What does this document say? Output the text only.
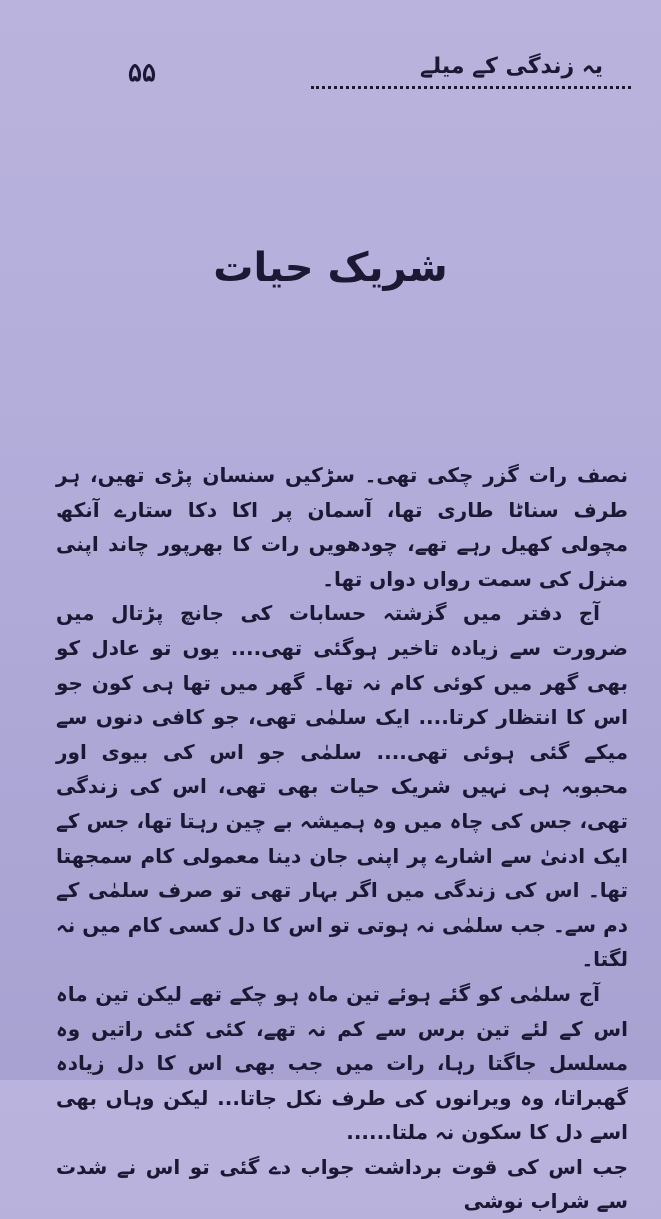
یہ زندگی کے میلے
۵۵
شریک حیات

نصف رات گزر چکی تھی۔ سڑکیں سنسان پڑی تھیں، ہر طرف سناٹا طاری تھا، آسمان پر اکا دکا ستارے آنکھ مچولی کھیل رہے تھے، چودھویں رات کا بھرپور چاند اپنی منزل کی سمت رواں دواں تھا۔

آج دفتر میں گزشتہ حسابات کی جانچ پڑتال میں ضرورت سے زیادہ تاخیر ہوگئی تھی.... یوں تو عادل کو بھی گھر میں کوئی کام نہ تھا۔ گھر میں تھا ہی کون جو اس کا انتظار کرتا.... ایک سلمٰی تھی، جو کافی دنوں سے میکے گئی ہوئی تھی.... سلمٰی جو اس کی بیوی اور محبوبہ ہی نہیں شریک حیات بھی تھی، اس کی زندگی تھی، جس کی چاہ میں وہ ہمیشہ بے چین رہتا تھا، جس کے ایک ادنیٰ سے اشارے پر اپنی جان دینا معمولی کام سمجھتا تھا۔ اس کی زندگی میں اگر بہار تھی تو صرف سلمٰی کے دم سے۔ جب سلمٰی نہ ہوتی تو اس کا دل کسی کام میں نہ لگتا۔

آج سلمٰی کو گئے ہوئے تین ماہ ہو چکے تھے لیکن تین ماہ اس کے لئے تین برس سے کم نہ تھے، کئی کئی راتیں وہ مسلسل جاگتا رہا، رات میں جب بھی اس کا دل زیادہ گھبراتا، وہ ویرانوں کی طرف نکل جاتا... لیکن وہاں بھی اسے دل کا سکون نہ ملتا......

جب اس کی قوت برداشت جواب دے گئی تو اس نے شدت سے شراب نوشی
